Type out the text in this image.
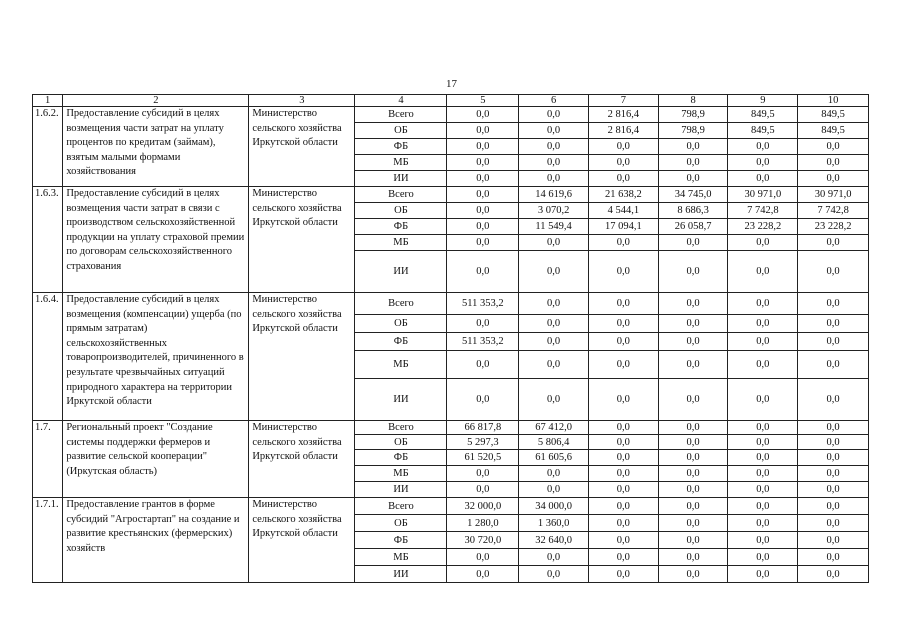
17
1	2	3	4	5	6	7	8	9	10
1.6.2.	Предоставление субсидий в целях возмещения части затрат на уплату процентов по кредитам (займам), взятым малыми формами хозяйствования	Министерство сельского хозяйства Иркутской области	Всего	0,0	0,0	2 816,4	798,9	849,5	849,5
			ОБ	0,0	0,0	2 816,4	798,9	849,5	849,5
			ФБ	0,0	0,0	0,0	0,0	0,0	0,0
			МБ	0,0	0,0	0,0	0,0	0,0	0,0
			ИИ	0,0	0,0	0,0	0,0	0,0	0,0
1.6.3.	Предоставление субсидий в целях возмещения части затрат в связи с производством сельскохозяйственной продукции на уплату страховой премии по договорам сельскохозяйственного страхования	Министерство сельского хозяйства Иркутской области	Всего	0,0	14 619,6	21 638,2	34 745,0	30 971,0	30 971,0
			ОБ	0,0	3 070,2	4 544,1	8 686,3	7 742,8	7 742,8
			ФБ	0,0	11 549,4	17 094,1	26 058,7	23 228,2	23 228,2
			МБ	0,0	0,0	0,0	0,0	0,0	0,0
			ИИ	0,0	0,0	0,0	0,0	0,0	0,0
1.6.4.	Предоставление субсидий в целях возмещения (компенсации) ущерба (по прямым затратам) сельскохозяйственных товаропроизводителей, причиненного в результате чрезвычайных ситуаций природного характера на территории Иркутской области	Министерство сельского хозяйства Иркутской области	Всего	511 353,2	0,0	0,0	0,0	0,0	0,0
			ОБ	0,0	0,0	0,0	0,0	0,0	0,0
			ФБ	511 353,2	0,0	0,0	0,0	0,0	0,0
			МБ	0,0	0,0	0,0	0,0	0,0	0,0
			ИИ	0,0	0,0	0,0	0,0	0,0	0,0
1.7.	Региональный проект "Создание системы поддержки фермеров и развитие сельской кооперации" (Иркутская область)	Министерство сельского хозяйства Иркутской области	Всего	66 817,8	67 412,0	0,0	0,0	0,0	0,0
			ОБ	5 297,3	5 806,4	0,0	0,0	0,0	0,0
			ФБ	61 520,5	61 605,6	0,0	0,0	0,0	0,0
			МБ	0,0	0,0	0,0	0,0	0,0	0,0
			ИИ	0,0	0,0	0,0	0,0	0,0	0,0
1.7.1.	Предоставление грантов в форме субсидий "Агростартап" на создание и развитие крестьянских (фермерских) хозяйств	Министерство сельского хозяйства Иркутской области	Всего	32 000,0	34 000,0	0,0	0,0	0,0	0,0
			ОБ	1 280,0	1 360,0	0,0	0,0	0,0	0,0
			ФБ	30 720,0	32 640,0	0,0	0,0	0,0	0,0
			МБ	0,0	0,0	0,0	0,0	0,0	0,0
			ИИ	0,0	0,0	0,0	0,0	0,0	0,0
